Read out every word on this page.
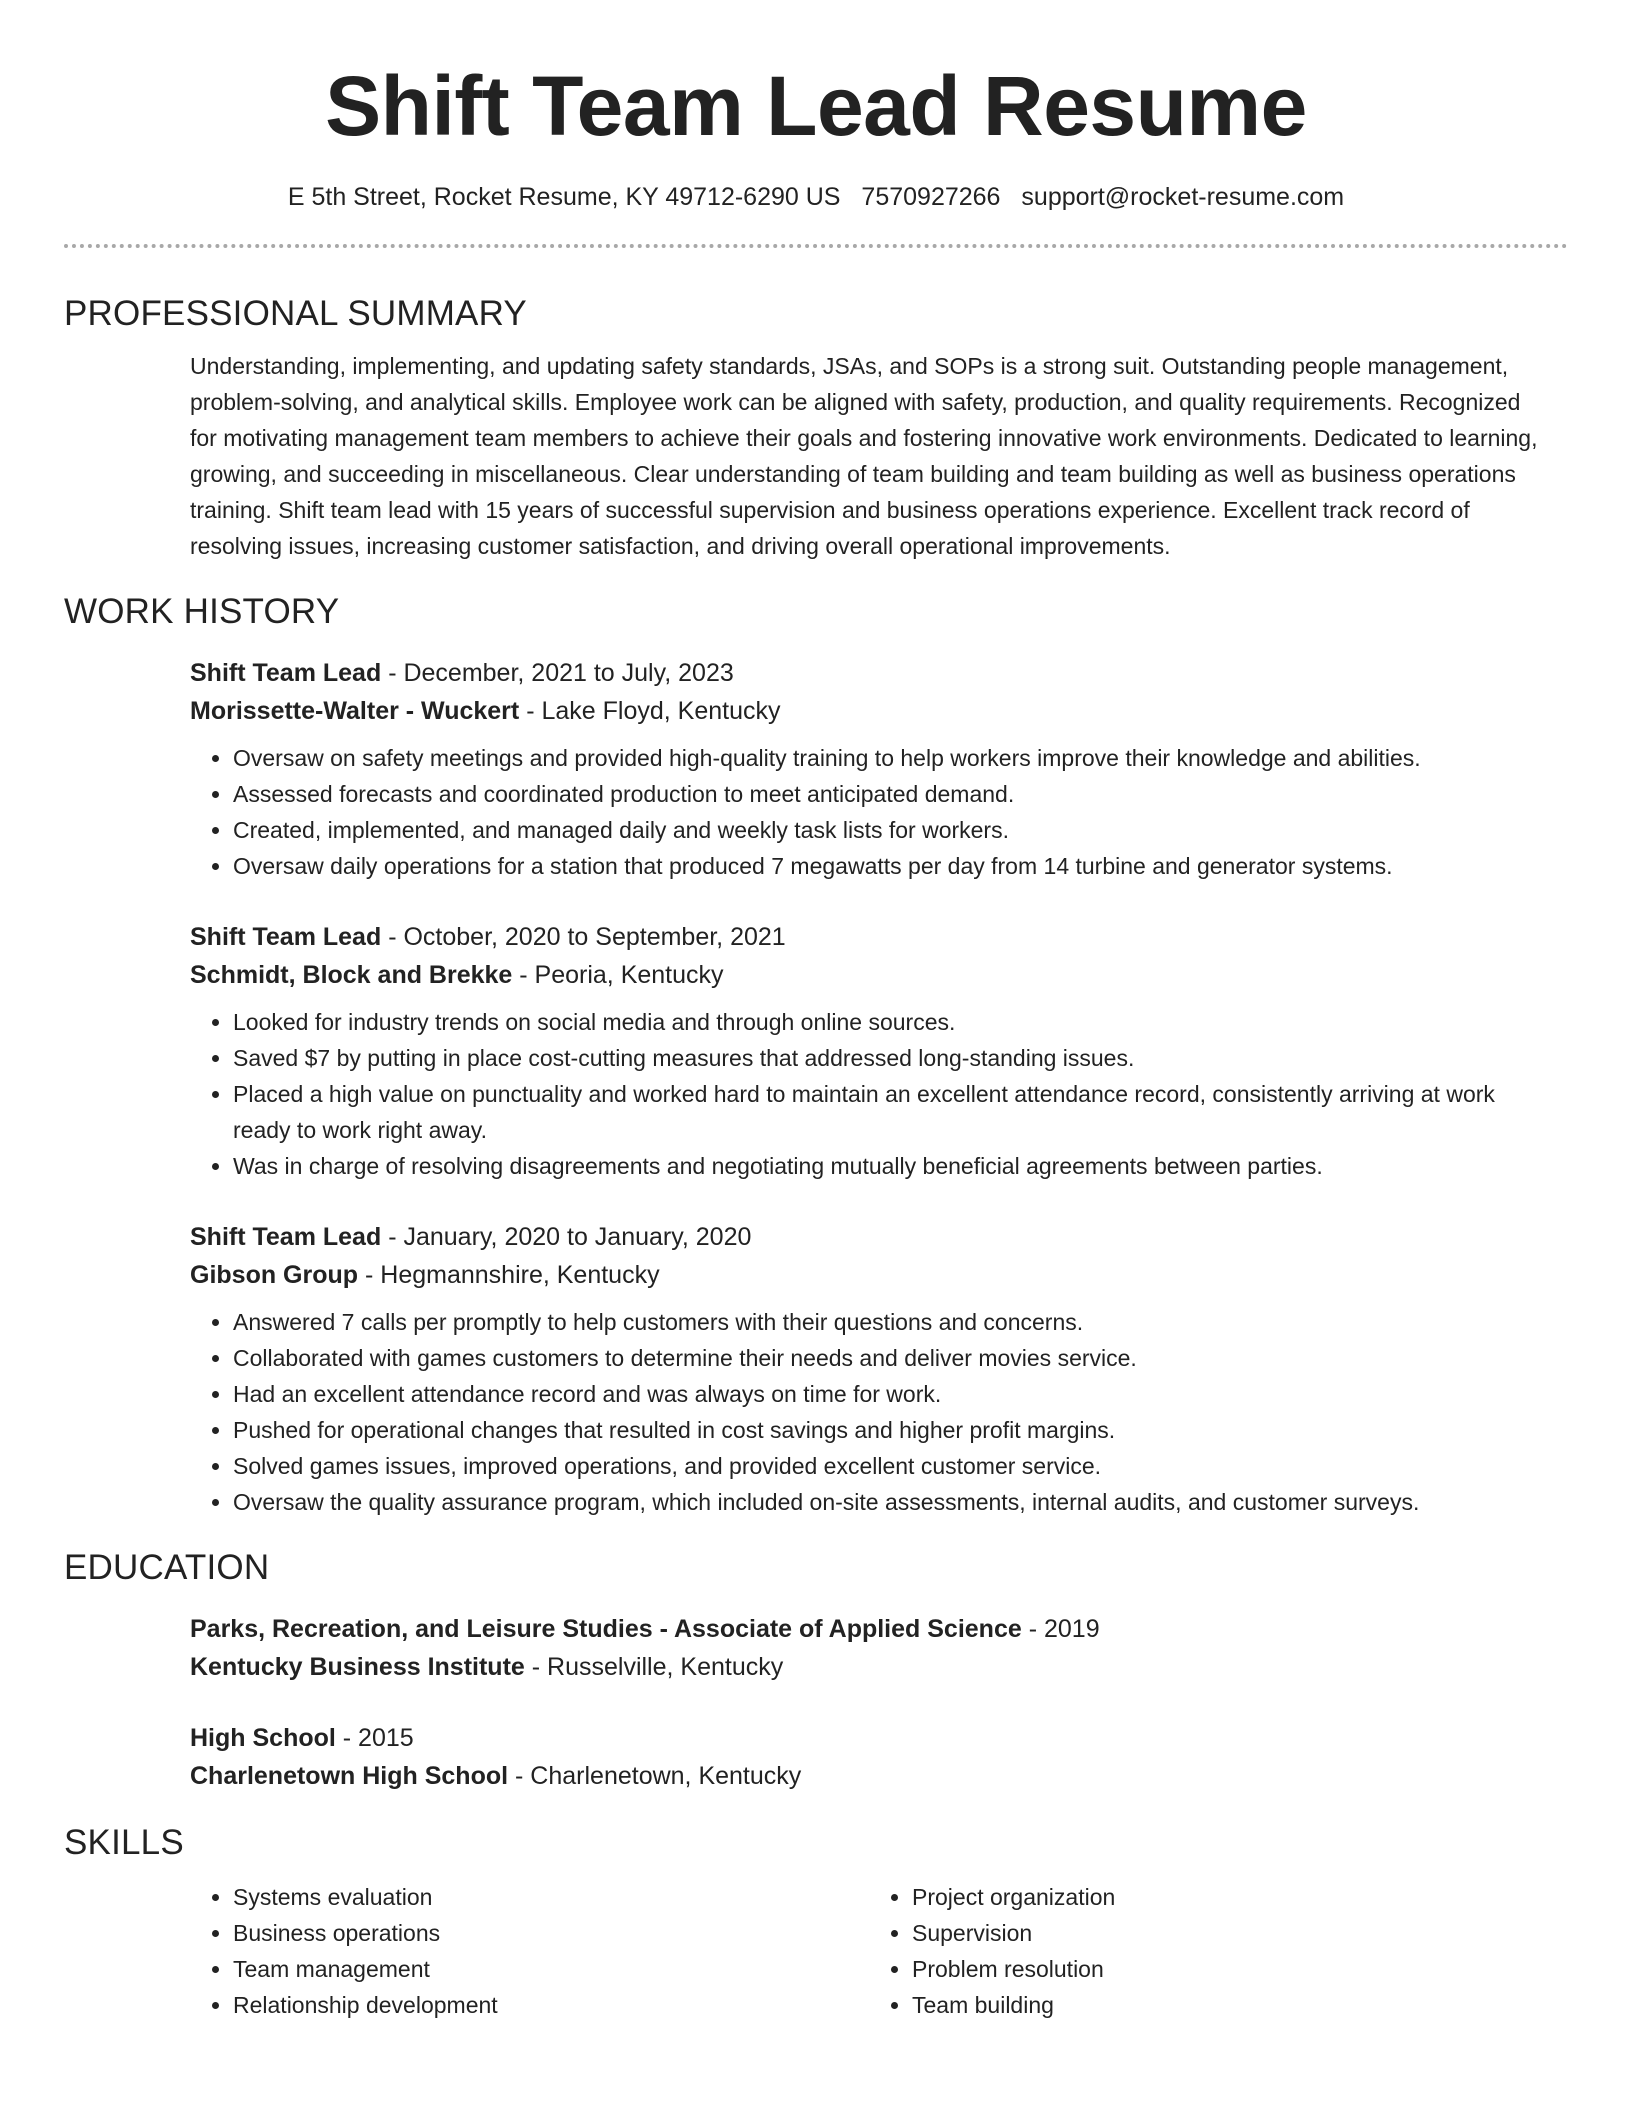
Shift Team Lead Resume
E 5th Street, Rocket Resume, KY 49712-6290 US 7570927266 support@rocket-resume.com
PROFESSIONAL SUMMARY

Understanding, implementing, and updating safety standards, JSAs, and SOPs is a strong suit. Outstanding people management, problem-solving, and analytical skills. Employee work can be aligned with safety, production, and quality requirements. Recognized for motivating management team members to achieve their goals and fostering innovative work environments. Dedicated to learning, growing, and succeeding in miscellaneous. Clear understanding of team building and team building as well as business operations training. Shift team lead with 15 years of successful supervision and business operations experience. Excellent track record of resolving issues, increasing customer satisfaction, and driving overall operational improvements.

WORK HISTORY
Shift Team Lead - December, 2021 to July, 2023
Morissette-Walter - Wuckert - Lake Floyd, Kentucky
• Oversaw on safety meetings and provided high-quality training to help workers improve their knowledge and abilities.
• Assessed forecasts and coordinated production to meet anticipated demand.
• Created, implemented, and managed daily and weekly task lists for workers.
• Oversaw daily operations for a station that produced 7 megawatts per day from 14 turbine and generator systems.
Shift Team Lead - October, 2020 to September, 2021
Schmidt, Block and Brekke - Peoria, Kentucky
• Looked for industry trends on social media and through online sources.
• Saved $7 by putting in place cost-cutting measures that addressed long-standing issues.
• Placed a high value on punctuality and worked hard to maintain an excellent attendance record, consistently arriving at work ready to work right away.
• Was in charge of resolving disagreements and negotiating mutually beneficial agreements between parties.
Shift Team Lead - January, 2020 to January, 2020
Gibson Group - Hegmannshire, Kentucky
• Answered 7 calls per promptly to help customers with their questions and concerns.
• Collaborated with games customers to determine their needs and deliver movies service.
• Had an excellent attendance record and was always on time for work.
• Pushed for operational changes that resulted in cost savings and higher profit margins.
• Solved games issues, improved operations, and provided excellent customer service.
• Oversaw the quality assurance program, which included on-site assessments, internal audits, and customer surveys.
EDUCATION
Parks, Recreation, and Leisure Studies - Associate of Applied Science - 2019
Kentucky Business Institute - Russelville, Kentucky
High School - 2015
Charlenetown High School - Charlenetown, Kentucky
SKILLS
• Systems evaluation
• Business operations
• Team management
• Relationship development
• Project organization
• Supervision
• Problem resolution
• Team building
